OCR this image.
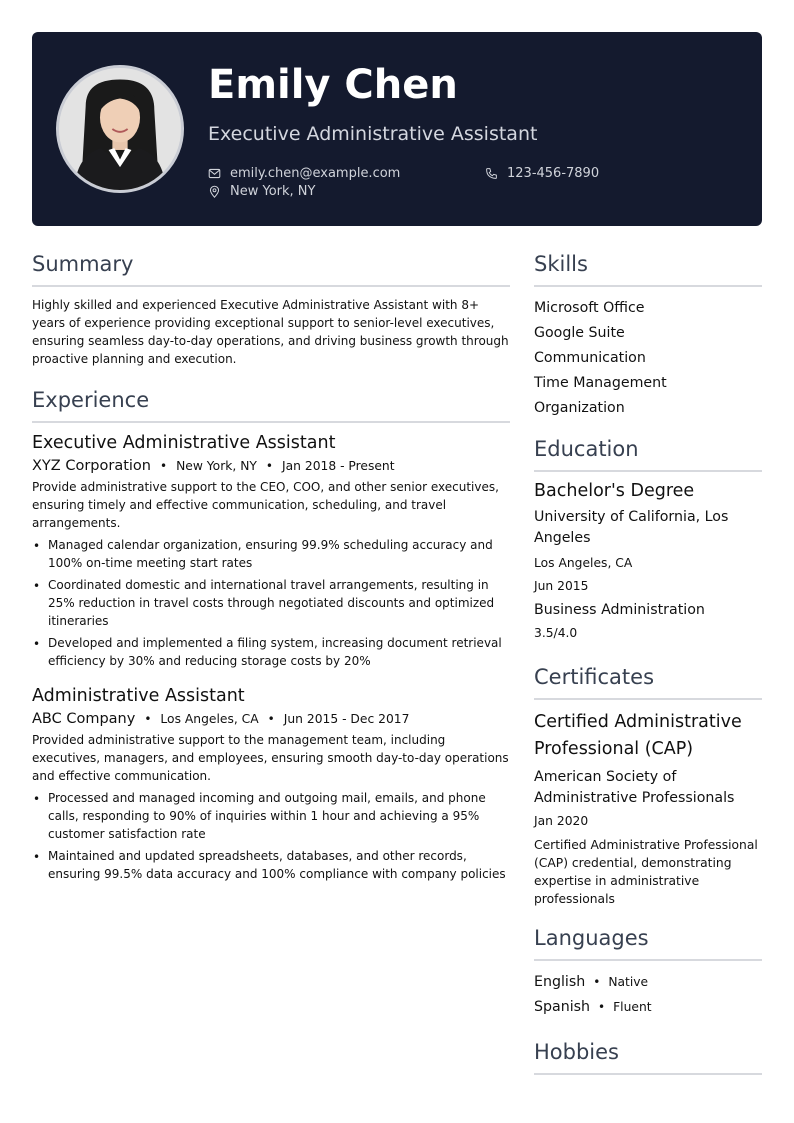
Emily Chen
Executive Administrative Assistant
emily.chen@example.com	123-456-7890
New York, NY
Summary

Highly skilled and experienced Executive Administrative Assistant with 8+ years of experience providing exceptional support to senior-level executives, ensuring seamless day-to-day operations, and driving business growth through proactive planning and execution.

Experience
Executive Administrative Assistant
XYZ Corporation • New York, NY • Jan 2018 - Present

Provide administrative support to the CEO, COO, and other senior executives, ensuring timely and effective communication, scheduling, and travel arrangements.

• Managed calendar organization, ensuring 99.9% scheduling accuracy and 100% on-time meeting start rates
• Coordinated domestic and international travel arrangements, resulting in 25% reduction in travel costs through negotiated discounts and optimized itineraries
• Developed and implemented a filing system, increasing document retrieval efficiency by 30% and reducing storage costs by 20%
Administrative Assistant
ABC Company • Los Angeles, CA • Jun 2015 - Dec 2017

Provided administrative support to the management team, including executives, managers, and employees, ensuring smooth day-to-day operations and effective communication.

• Processed and managed incoming and outgoing mail, emails, and phone calls, responding to 90% of inquiries within 1 hour and achieving a 95% customer satisfaction rate
• Maintained and updated spreadsheets, databases, and other records, ensuring 99.5% data accuracy and 100% compliance with company policies
Skills
Microsoft Office
Google Suite
Communication
Time Management
Organization
Education
Bachelor's Degree
University of California, Los Angeles
Los Angeles, CA
Jun 2015
Business Administration
3.5/4.0
Certificates
Certified Administrative Professional (CAP)
American Society of Administrative Professionals
Jan 2020
Certified Administrative Professional (CAP) credential, demonstrating expertise in administrative professionals
Languages
English • Native
Spanish • Fluent
Hobbies
